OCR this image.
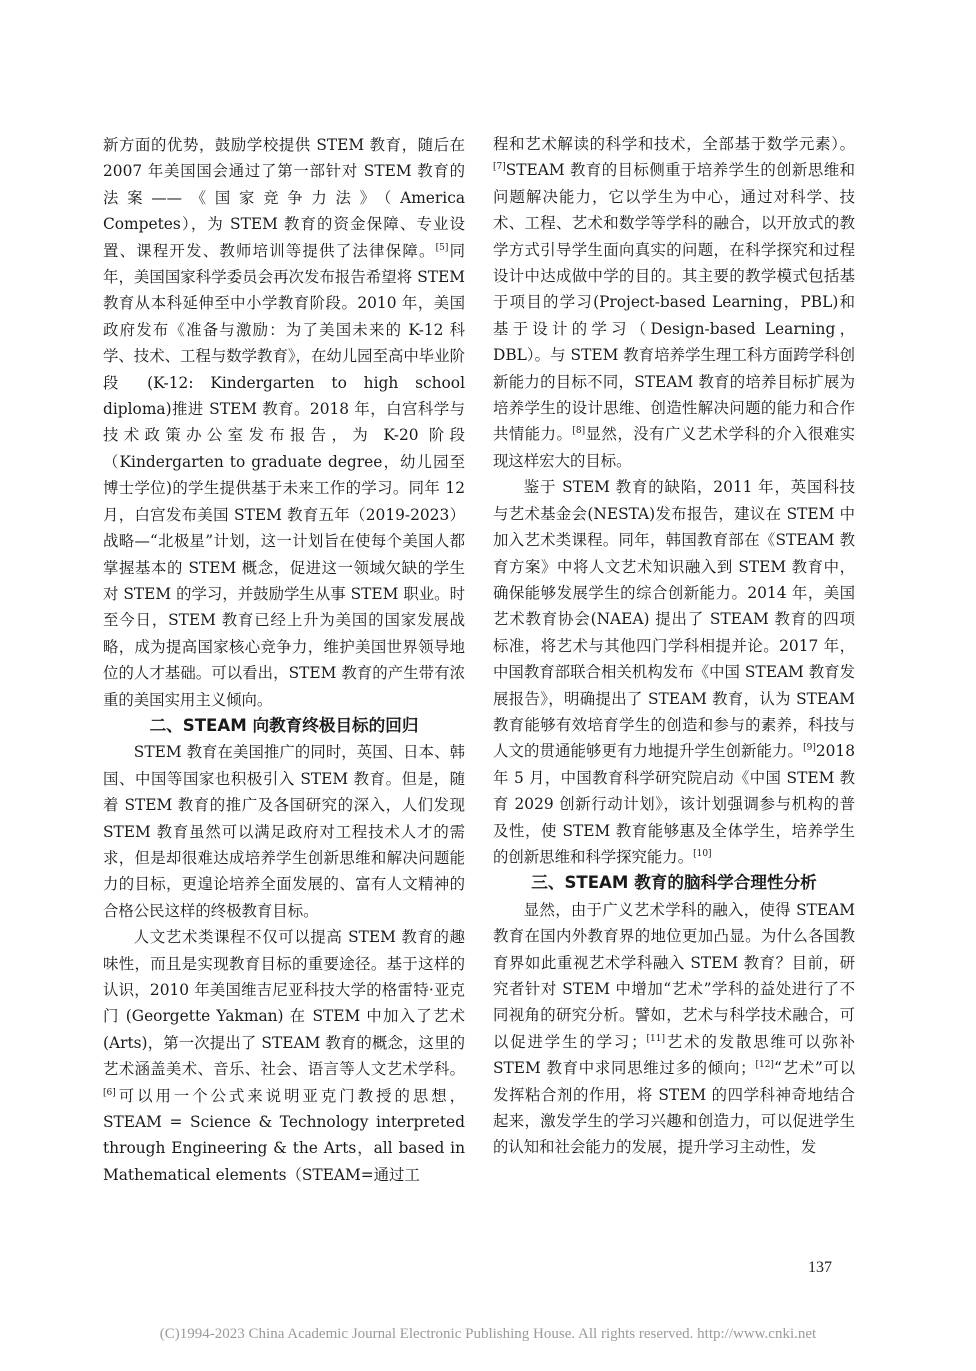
新方面的优势，鼓励学校提供 STEM 教育，随后在 2007 年美国国会通过了第一部针对 STEM 教育的法案——《国家竞争力法》（America Competes），为 STEM 教育的资金保障、专业设置、课程开发、教师培训等提供了法律保障。[5]同年，美国国家科学委员会再次发布报告希望将 STEM 教育从本科延伸至中小学教育阶段。2010 年，美国政府发布《准备与激励：为了美国未来的 K-12 科学、技术、工程与数学教育》，在幼儿园至高中毕业阶段 (K-12: Kindergarten to high school diploma)推进 STEM 教育。2018 年，白宫科学与技术政策办公室发布报告，为 K-20 阶段（Kindergarten to graduate degree，幼儿园至博士学位)的学生提供基于未来工作的学习。同年 12 月，白宫发布美国 STEM 教育五年（2019-2023）战略—“北极星”计划，这一计划旨在使每个美国人都掌握基本的 STEM 概念，促进这一领域欠缺的学生对 STEM 的学习，并鼓励学生从事 STEM 职业。时至今日，STEM 教育已经上升为美国的国家发展战略，成为提高国家核心竞争力，维护美国世界领导地位的人才基础。可以看出，STEM 教育的产生带有浓重的美国实用主义倾向。

二、STEAM 向教育终极目标的回归

STEM 教育在美国推广的同时，英国、日本、韩国、中国等国家也积极引入 STEM 教育。但是，随着 STEM 教育的推广及各国研究的深入，人们发现 STEM 教育虽然可以满足政府对工程技术人才的需求，但是却很难达成培养学生创新思维和解决问题能力的目标，更遑论培养全面发展的、富有人文精神的合格公民这样的终极教育目标。

人文艺术类课程不仅可以提高 STEM 教育的趣味性，而且是实现教育目标的重要途径。基于这样的认识，2010 年美国维吉尼亚科技大学的格雷特·亚克门 (Georgette Yakman) 在 STEM 中加入了艺术 (Arts)，第一次提出了 STEAM 教育的概念，这里的艺术涵盖美术、音乐、社会、语言等人文艺术学科。[6]可以用一个公式来说明亚克门教授的思想，STEAM = Science & Technology interpreted through Engineering & the Arts，all based in Mathematical elements（STEAM=通过工

程和艺术解读的科学和技术，全部基于数学元素）。[7]STEAM 教育的目标侧重于培养学生的创新思维和问题解决能力，它以学生为中心，通过对科学、技术、工程、艺术和数学等学科的融合，以开放式的教学方式引导学生面向真实的问题，在科学探究和过程设计中达成做中学的目的。其主要的教学模式包括基于项目的学习(Project-based Learning，PBL)和基于设计的学习（Design-based Learning，DBL）。与 STEM 教育培养学生理工科方面跨学科创新能力的目标不同，STEAM 教育的培养目标扩展为培养学生的设计思维、创造性解决问题的能力和合作共情能力。[8]显然，没有广义艺术学科的介入很难实现这样宏大的目标。

鉴于 STEM 教育的缺陷，2011 年，英国科技与艺术基金会(NESTA)发布报告，建议在 STEM 中加入艺术类课程。同年，韩国教育部在《STEAM 教育方案》中将人文艺术知识融入到 STEM 教育中，确保能够发展学生的综合创新能力。2014 年，美国艺术教育协会(NAEA) 提出了 STEAM 教育的四项标准，将艺术与其他四门学科相提并论。2017 年，中国教育部联合相关机构发布《中国 STEAM 教育发展报告》，明确提出了 STEAM 教育，认为 STEAM 教育能够有效培育学生的创造和参与的素养，科技与人文的贯通能够更有力地提升学生创新能力。[9]2018 年 5 月，中国教育科学研究院启动《中国 STEM 教育 2029 创新行动计划》，该计划强调参与机构的普及性，使 STEM 教育能够惠及全体学生，培养学生的创新思维和科学探究能力。[10]

三、STEAM 教育的脑科学合理性分析

显然，由于广义艺术学科的融入，使得 STEAM 教育在国内外教育界的地位更加凸显。为什么各国教育界如此重视艺术学科融入 STEM 教育？目前，研究者针对 STEM 中增加“艺术”学科的益处进行了不同视角的研究分析。譬如，艺术与科学技术融合，可以促进学生的学习；[11]艺术的发散思维可以弥补 STEM 教育中求同思维过多的倾向；[12]“艺术”可以发挥粘合剂的作用，将 STEM 的四学科神奇地结合起来，激发学生的学习兴趣和创造力，可以促进学生的认知和社会能力的发展，提升学习主动性，发

137
(C)1994-2023 China Academic Journal Electronic Publishing House. All rights reserved. http://www.cnki.net
